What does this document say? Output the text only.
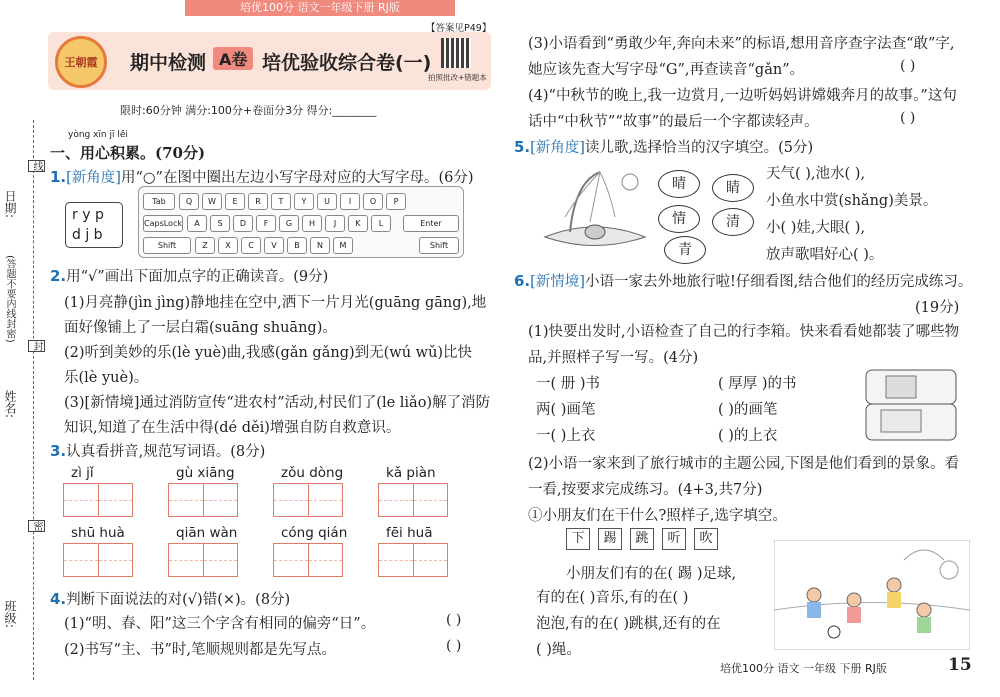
培优100分 语文一年级下册 RJ版
王朝霞	期中检测 A卷 培优验收综合卷(一)
【答案见P49】
拍照批改+错题本
限时:60分钟 满分:100分+卷面分3分 得分:________
日期:
(答题不要内线封密)
姓名:
班级:
线
封
密
yòng xīn jī lěi
一、用心积累。(70分)
1.[新角度]用“○”在图中圈出左边小写字母对应的大写字母。(6分)
r y p
d j b
Tab	Q	W	E	R	T	Y	U	I	O	P
CapsLock	A	S	D	F	G	H	J	K	L	Enter
Shift	Z	X	C	V	B	N	M	Shift
2.用“√”画出下面加点字的正确读音。(9分)
(1)月亮静(jìn jìng)静地挂在空中,洒下一片月光(guāng gāng),地
面好像铺上了一层白霜(suāng shuāng)。
(2)听到美妙的乐(lè yuè)曲,我感(gǎn gǎng)到无(wú wǔ)比快
乐(lè yuè)。
(3)[新情境]通过消防宣传“进农村”活动,村民们了(le liǎo)解了消防
知识,知道了在生活中得(dé děi)增强自防自救意识。
3.认真看拼音,规范写词语。(8分)
zì jǐ	gù xiāng	zǒu dòng	kǎ piàn
shū huà	qiān wàn	cóng qián	fēi huā
4.判断下面说法的对(√)错(×)。(8分)
(1)“明、春、阳”这三个字含有相同的偏旁“日”。	( )
(2)书写“主、书”时,笔顺规则都是先写点。	( )
(3)小语看到“勇敢少年,奔向未来”的标语,想用音序查字法查“敢”字,
她应该先查大写字母“G”,再查读音“gǎn”。	( )
(4)“中秋节的晚上,我一边赏月,一边听妈妈讲嫦娥奔月的故事。”这句
话中“中秋节”“故事”的最后一个字都读轻声。	( )
5.[新角度]读儿歌,选择恰当的汉字填空。(5分)
晴	睛
情	清
青
天气( ),池水( ),
小鱼水中赏(shǎng)美景。
小( )娃,大眼( ),
放声歌唱好心( )。
6.[新情境]小语一家去外地旅行啦!仔细看图,结合他们的经历完成练习。
(19分)
(1)快要出发时,小语检查了自己的行李箱。快来看看她都装了哪些物
品,并照样子写一写。(4分)
一( 册 )书	( 厚厚 )的书
两( )画笔	( )的画笔
一( )上衣	( )的上衣
(2)小语一家来到了旅行城市的主题公园,下图是他们看到的景象。看
一看,按要求完成练习。(4+3,共7分)
①小朋友们在干什么?照样子,选字填空。
下	踢	跳	听	吹
小朋友们有的在( 踢 )足球,
有的在( )音乐,有的在( )
泡泡,有的在( )跳棋,还有的在
( )绳。
培优100分 语文 一年级 下册 RJ版	15
